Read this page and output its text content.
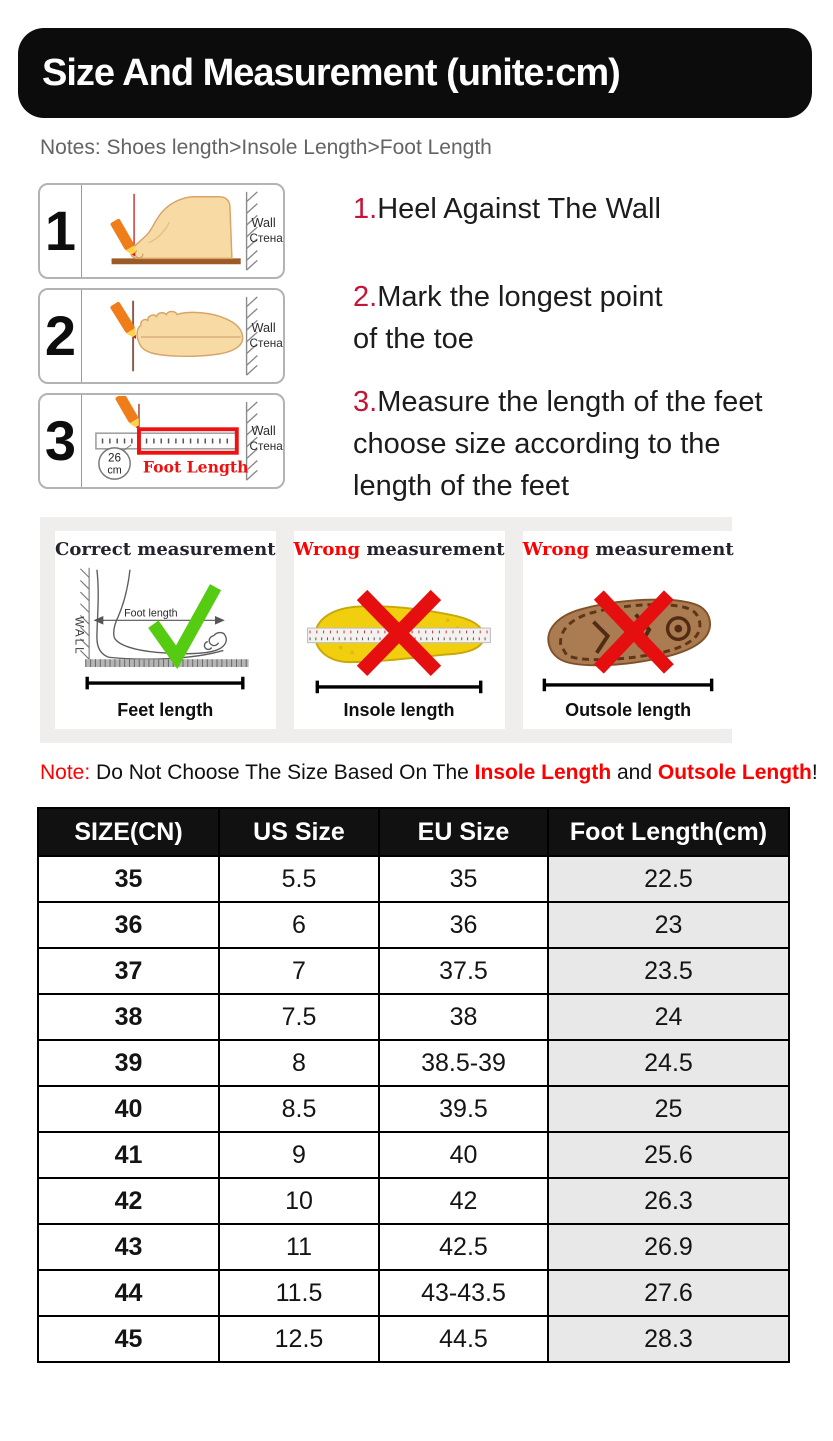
Size And Measurement (unite:cm)
Notes: Shoes length>Insole Length>Foot Length
1	Wall
Стена
2	Wall
Стена
3	Wall
Стена
26
cm Foot Length
1.Heel Against The Wall
2.Mark the longest point
of the toe
3.Measure the length of the feet
choose size according to the
length of the feet
Correct measurement
WALL
Foot length
Feet length
Wrong measurement
Insole length
Wrong measurement
Outsole length
Note: Do Not Choose The Size Based On The Insole Length and Outsole Length!
SIZE(CN)	US Size	EU Size	Foot Length(cm)
35	5.5	35	22.5
36	6	36	23
37	7	37.5	23.5
38	7.5	38	24
39	8	38.5-39	24.5
40	8.5	39.5	25
41	9	40	25.6
42	10	42	26.3
43	11	42.5	26.9
44	11.5	43-43.5	27.6
45	12.5	44.5	28.3
